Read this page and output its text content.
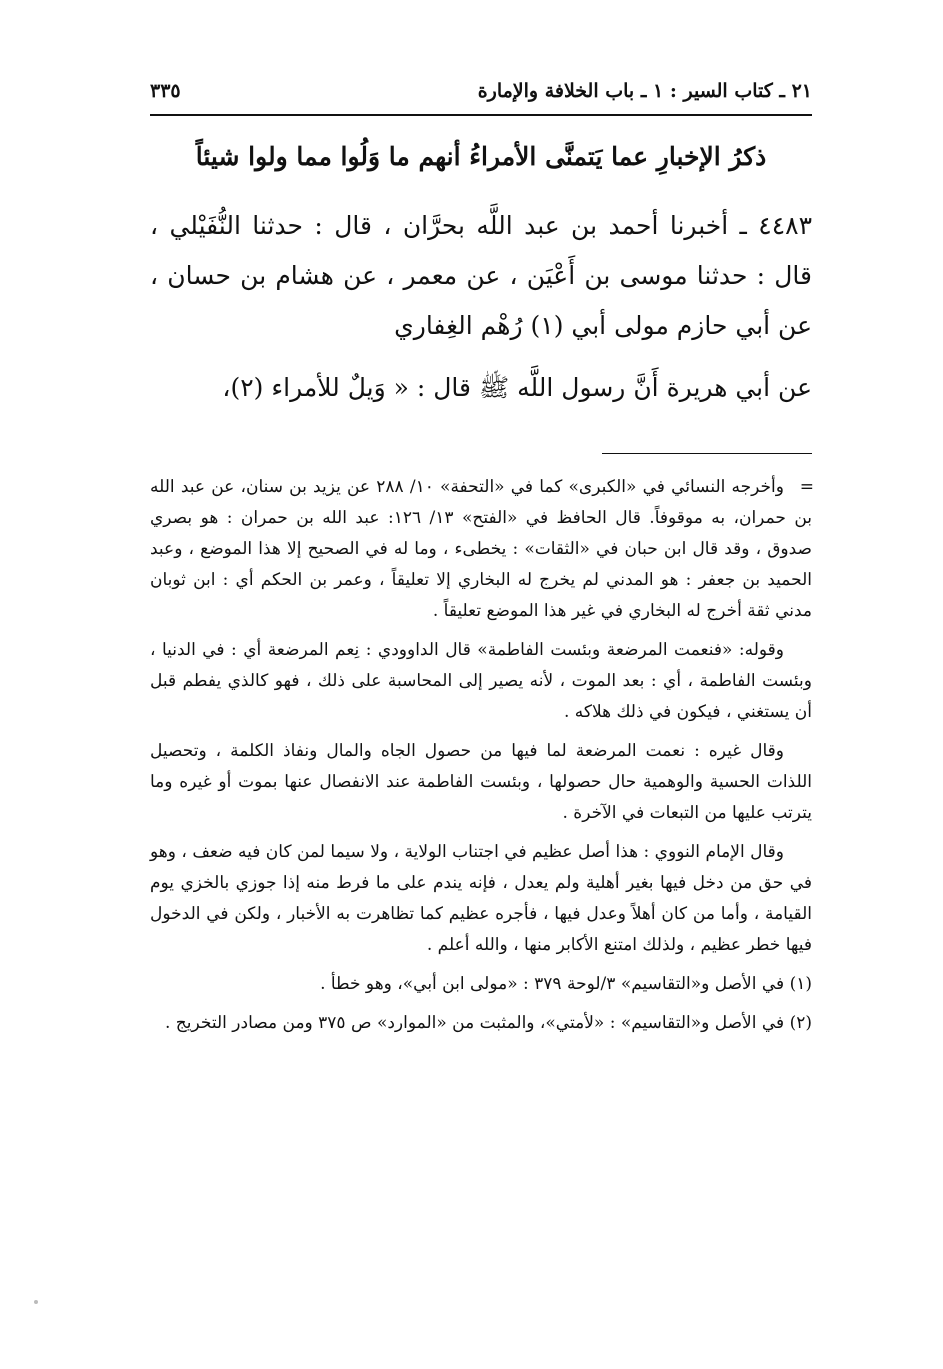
٢١ ـ كتاب السير : ١ ـ باب الخلافة والإمارة
٣٣٥
ذكرُ الإخبارِ عما يَتمنَّى الأمراءُ أنهم ما وَلُوا مما ولوا شيئاً

٤٤٨٣ ـ أخبرنا أحمد بن عبد اللَّه بحرَّان ، قال : حدثنا النُّفَيْلي ، قال : حدثنا موسى بن أَعْيَن ، عن معمر ، عن هشام بن حسان ، عن أبي حازم مولى أبي (١) رُهْم الغِفاري

عن أبي هريرة أَنَّ رسول اللَّه ﷺ قال : « وَيلٌ للأمراء (٢)،

=
وأخرجه النسائي في «الكبرى» كما في «التحفة» ١٠/ ٢٨٨ عن يزيد بن سنان، عن عبد الله بن حمران، به موقوفاً. قال الحافظ في «الفتح» ١٣/ ١٢٦: عبد الله بن حمران : هو بصري صدوق ، وقد قال ابن حبان في «الثقات» : يخطىء ، وما له في الصحيح إلا هذا الموضع ، وعبد الحميد بن جعفر : هو المدني لم يخرج له البخاري إلا تعليقاً ، وعمر بن الحكم أي : ابن ثوبان مدني ثقة أخرج له البخاري في غير هذا الموضع تعليقاً .

وقوله: «فنعمت المرضعة وبئست الفاطمة» قال الداوودي : نِعم المرضعة أي : في الدنيا ، وبئست الفاطمة ، أي : بعد الموت ، لأنه يصير إلى المحاسبة على ذلك ، فهو كالذي يفطم قبل أن يستغني ، فيكون في ذلك هلاكه .

وقال غيره : نعمت المرضعة لما فيها من حصول الجاه والمال ونفاذ الكلمة ، وتحصيل اللذات الحسية والوهمية حال حصولها ، وبئست الفاطمة عند الانفصال عنها بموت أو غيره وما يترتب عليها من التبعات في الآخرة .

وقال الإمام النووي : هذا أصل عظيم في اجتناب الولاية ، ولا سيما لمن كان فيه ضعف ، وهو في حق من دخل فيها بغير أهلية ولم يعدل ، فإنه يندم على ما فرط منه إذا جوزي بالخزي يوم القيامة ، وأما من كان أهلاً وعدل فيها ، فأجره عظيم كما تظاهرت به الأخبار ، ولكن في الدخول فيها خطر عظيم ، ولذلك امتنع الأكابر منها ، والله أعلم .

(١) في الأصل و«التقاسيم» ٣/لوحة ٣٧٩ : «مولى ابن أبي»، وهو خطأ .

(٢) في الأصل و«التقاسيم» : «لأمتي»، والمثبت من «الموارد» ص ٣٧٥ ومن مصادر التخريج .
